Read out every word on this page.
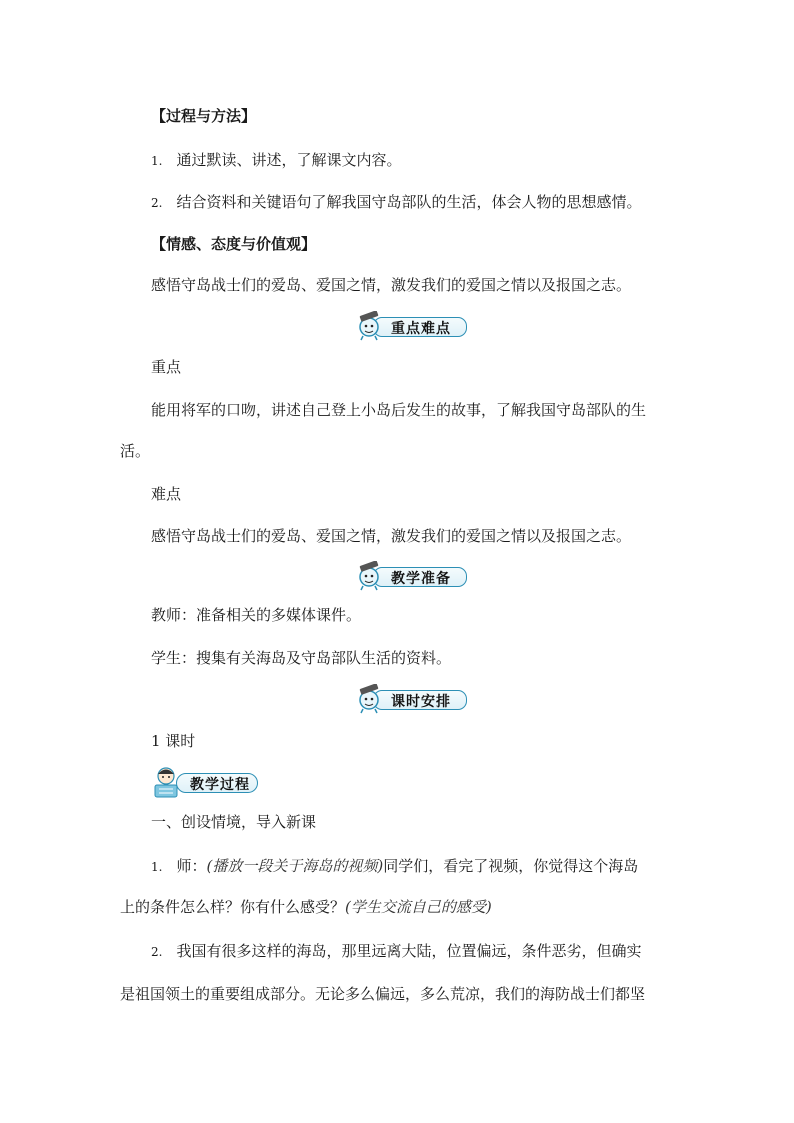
【过程与方法】
1. 通过默读、讲述，了解课文内容。
2. 结合资料和关键语句了解我国守岛部队的生活，体会人物的思想感情。
【情感、态度与价值观】
感悟守岛战士们的爱岛、爱国之情，激发我们的爱国之情以及报国之志。
重点难点
重点
能用将军的口吻，讲述自己登上小岛后发生的故事，了解我国守岛部队的生
活。
难点
感悟守岛战士们的爱岛、爱国之情，激发我们的爱国之情以及报国之志。
教学准备
教师：准备相关的多媒体课件。
学生：搜集有关海岛及守岛部队生活的资料。
课时安排
1 课时
教学过程
一、创设情境，导入新课
1. 师：(播放一段关于海岛的视频)同学们，看完了视频，你觉得这个海岛
上的条件怎么样？你有什么感受？(学生交流自己的感受)
2. 我国有很多这样的海岛，那里远离大陆，位置偏远，条件恶劣，但确实
是祖国领土的重要组成部分。无论多么偏远，多么荒凉，我们的海防战士们都坚
